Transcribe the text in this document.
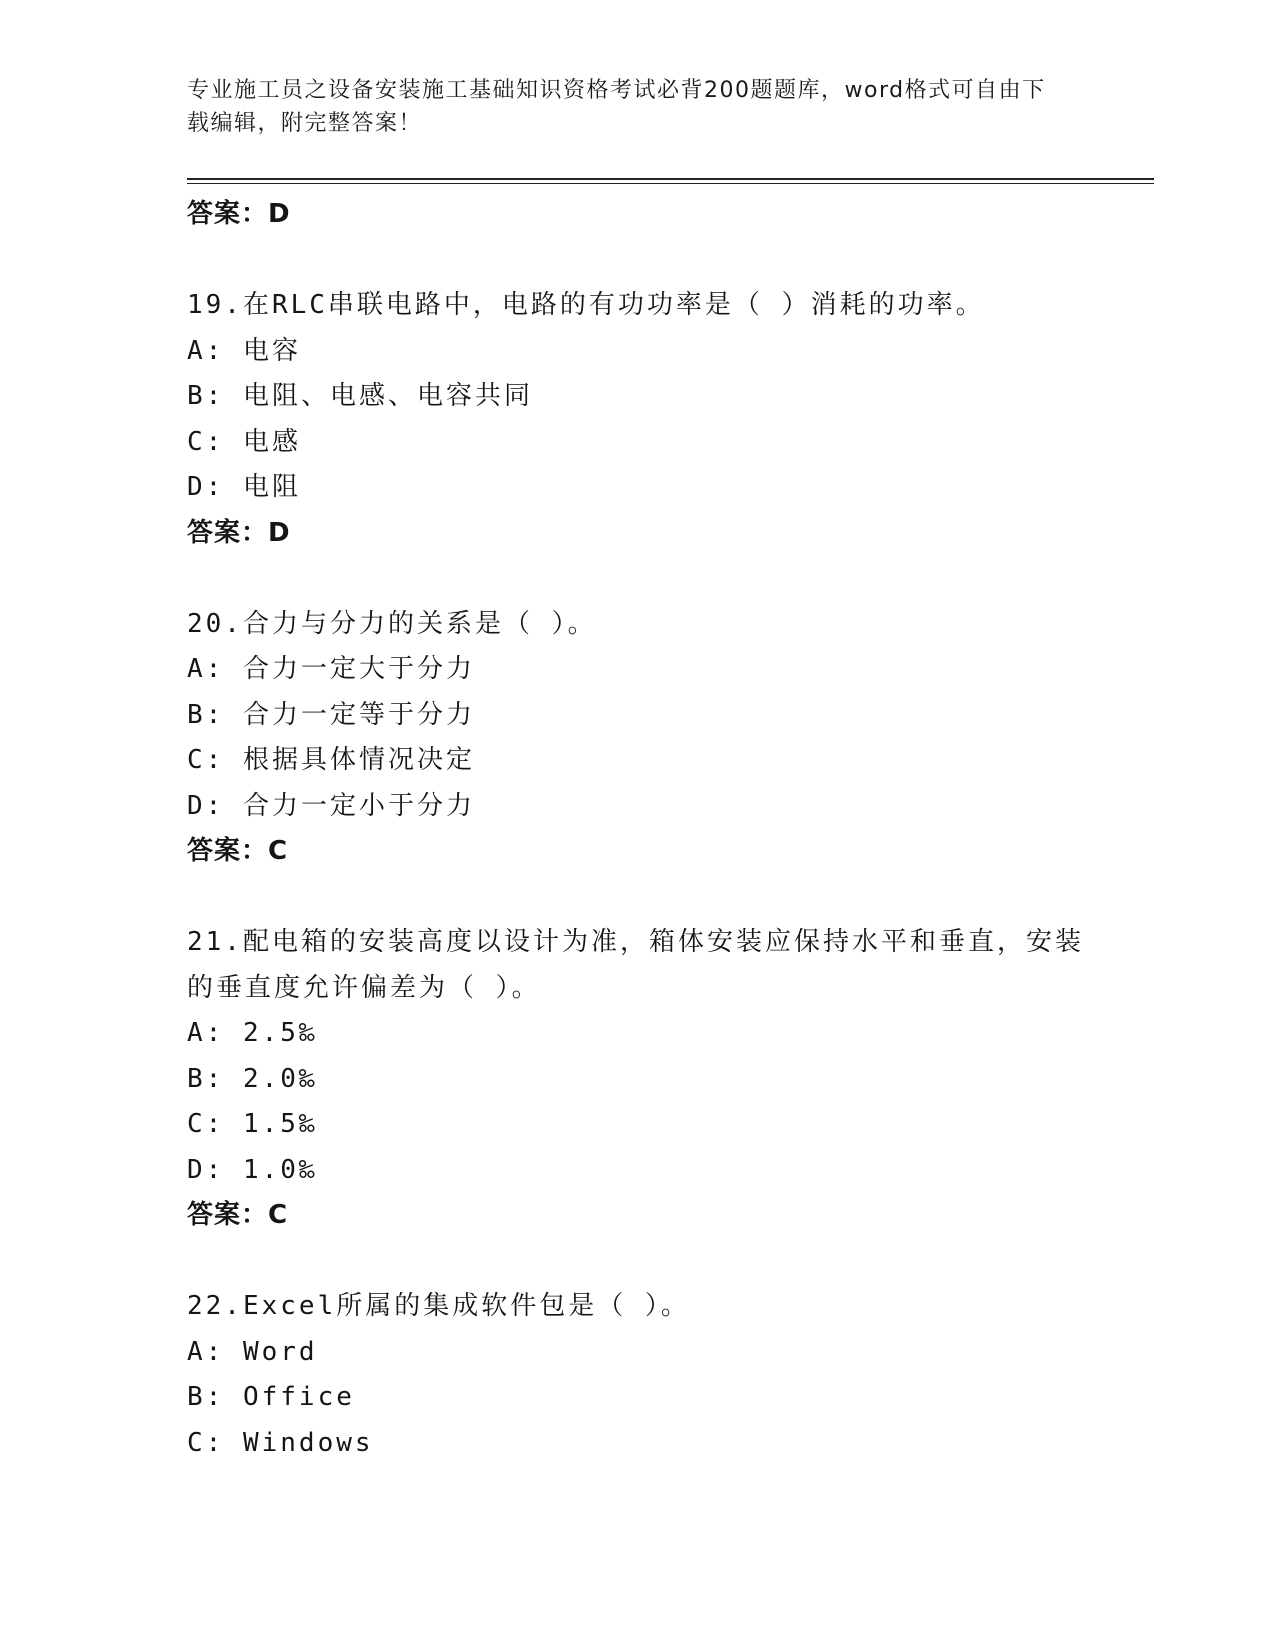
专业施工员之设备安装施工基础知识资格考试必背200题题库，word格式可自由下载编辑，附完整答案！

答案：D

19.在RLC串联电路中，电路的有功功率是（ ）消耗的功率。

A: 电容

B: 电阻、电感、电容共同

C: 电感

D: 电阻

答案：D

20.合力与分力的关系是（ ）。

A: 合力一定大于分力

B: 合力一定等于分力

C: 根据具体情况决定

D: 合力一定小于分力

答案：C

21.配电箱的安装高度以设计为准，箱体安装应保持水平和垂直，安装

的垂直度允许偏差为（ ）。

A: 2.5‰

B: 2.0‰

C: 1.5‰

D: 1.0‰

答案：C

22.Excel所属的集成软件包是（ ）。

A: Word

B: Office

C: Windows
